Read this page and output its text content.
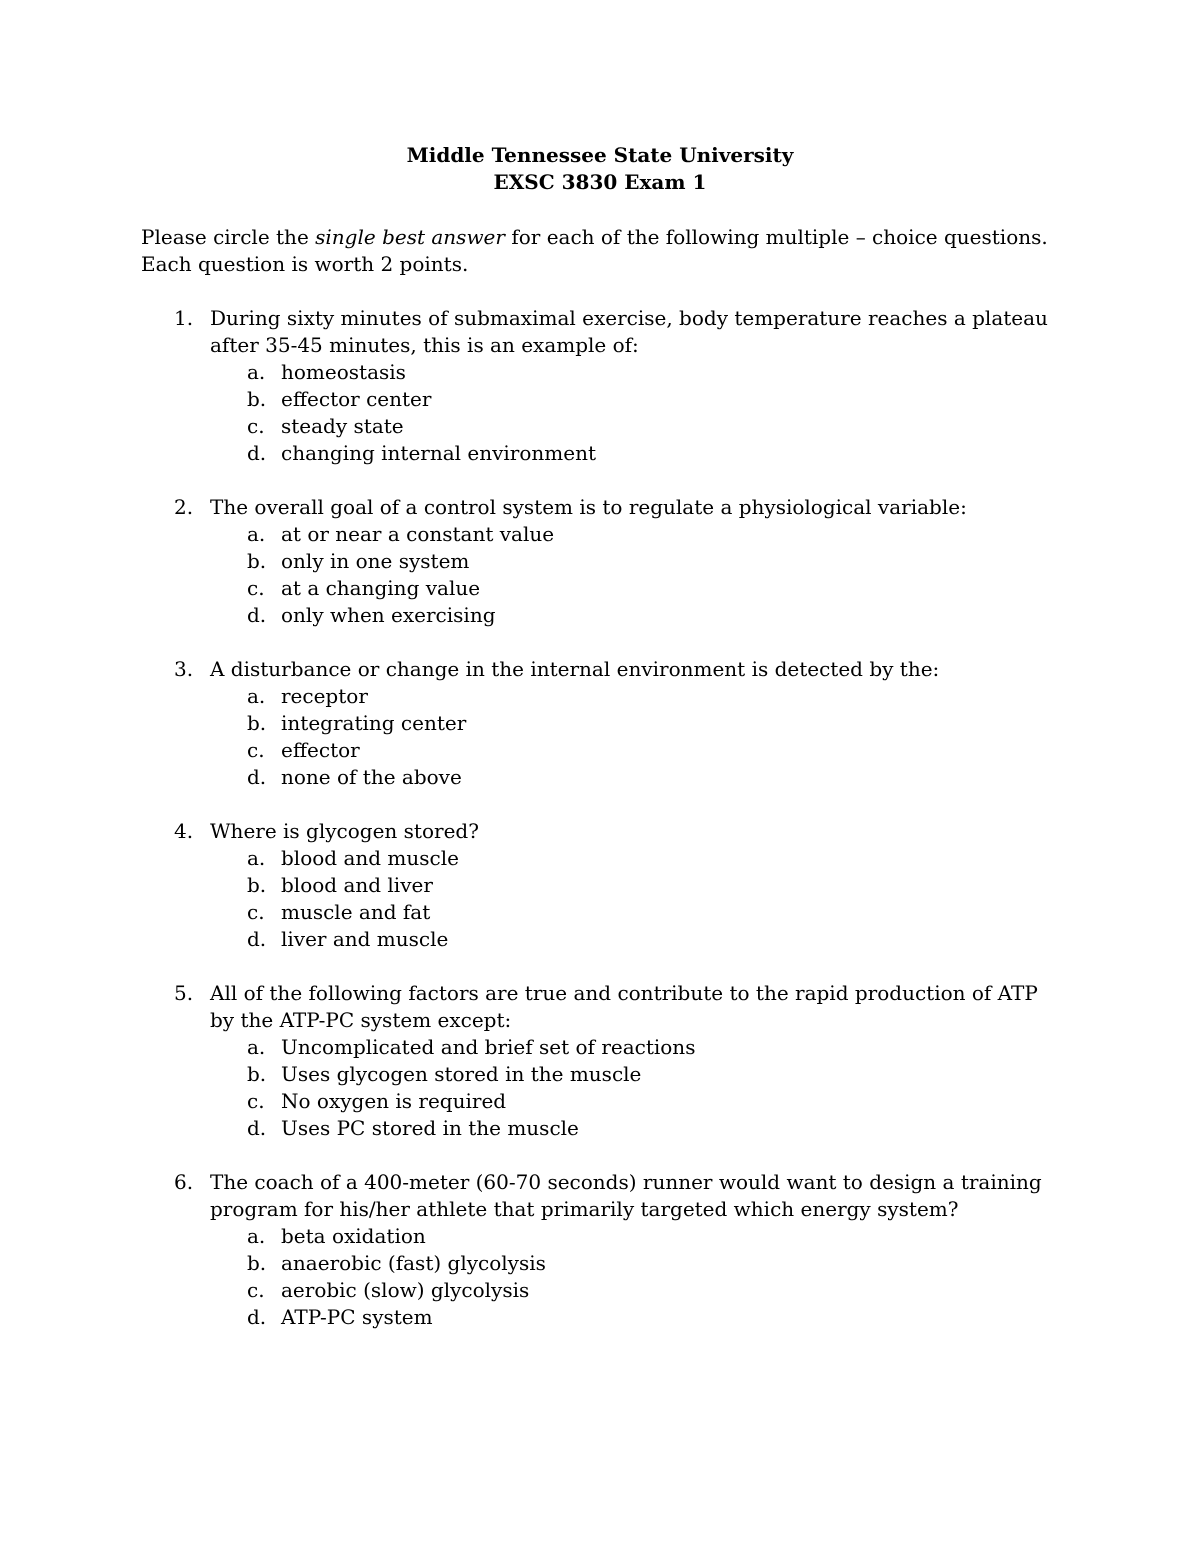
Middle Tennessee State University
EXSC 3830 Exam 1
Please circle the single best answer for each of the following multiple – choice questions.
Each question is worth 2 points.
1. During sixty minutes of submaximal exercise, body temperature reaches a plateau after 35-45 minutes, this is an example of:
a. homeostasis
b. effector center
c. steady state
d. changing internal environment
2. The overall goal of a control system is to regulate a physiological variable:
a. at or near a constant value
b. only in one system
c. at a changing value
d. only when exercising
3. A disturbance or change in the internal environment is detected by the:
a. receptor
b. integrating center
c. effector
d. none of the above
4. Where is glycogen stored?
a. blood and muscle
b. blood and liver
c. muscle and fat
d. liver and muscle
5. All of the following factors are true and contribute to the rapid production of ATP by the ATP-PC system except:
a. Uncomplicated and brief set of reactions
b. Uses glycogen stored in the muscle
c. No oxygen is required
d. Uses PC stored in the muscle
6. The coach of a 400-meter (60-70 seconds) runner would want to design a training program for his/her athlete that primarily targeted which energy system?
a. beta oxidation
b. anaerobic (fast) glycolysis
c. aerobic (slow) glycolysis
d. ATP-PC system
